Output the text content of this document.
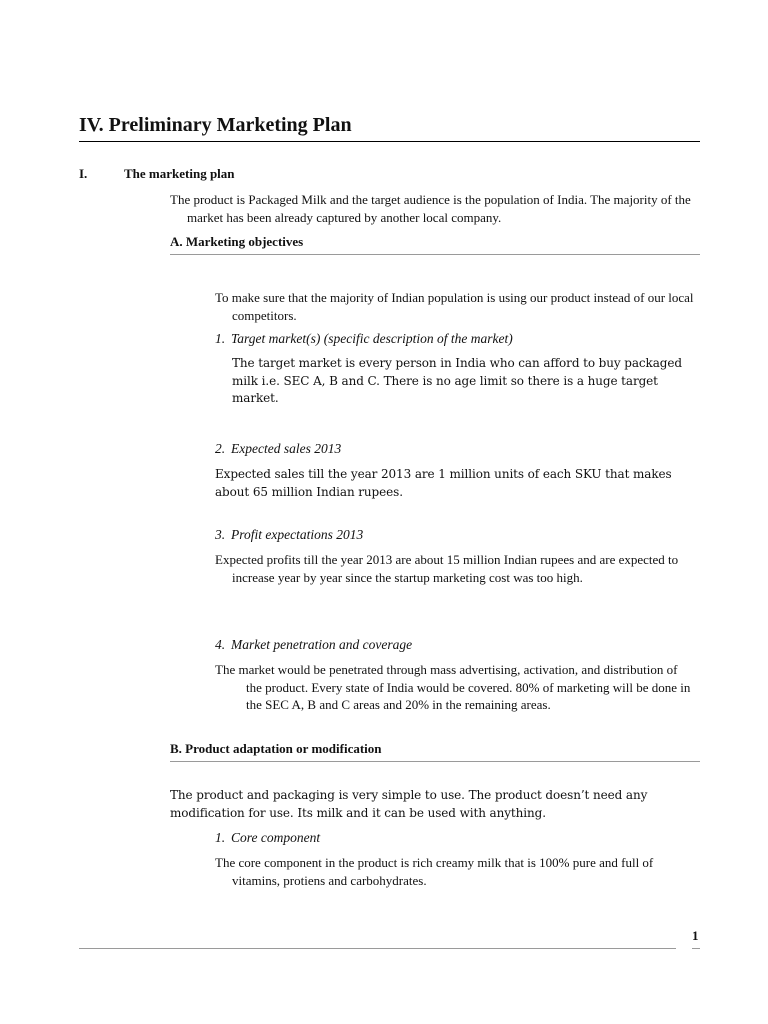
IV. Preliminary Marketing Plan
I.	The marketing plan

The product is Packaged Milk and the target audience is the population of India. The majority of the market has been already captured by another local company.

A. Marketing objectives

To make sure that the majority of Indian population is using our product instead of our local competitors.

1. Target market(s) (specific description of the market)

The target market is every person in India who can afford to buy packaged milk i.e. SEC A, B and C. There is no age limit so there is a huge target market.

2. Expected sales 2013

Expected sales till the year 2013 are 1 million units of each SKU that makes about 65 million Indian rupees.

3. Profit expectations 2013

Expected profits till the year 2013 are about 15 million Indian rupees and are expected to increase year by year since the startup marketing cost was too high.

4. Market penetration and coverage

The market would be penetrated through mass advertising, activation, and distribution of the product. Every state of India would be covered. 80% of marketing will be done in the SEC A, B and C areas and 20% in the remaining areas.

B. Product adaptation or modification

The product and packaging is very simple to use. The product doesn’t need any modification for use. Its milk and it can be used with anything.

1. Core component

The core component in the product is rich creamy milk that is 100% pure and full of vitamins, protiens and carbohydrates.

1
